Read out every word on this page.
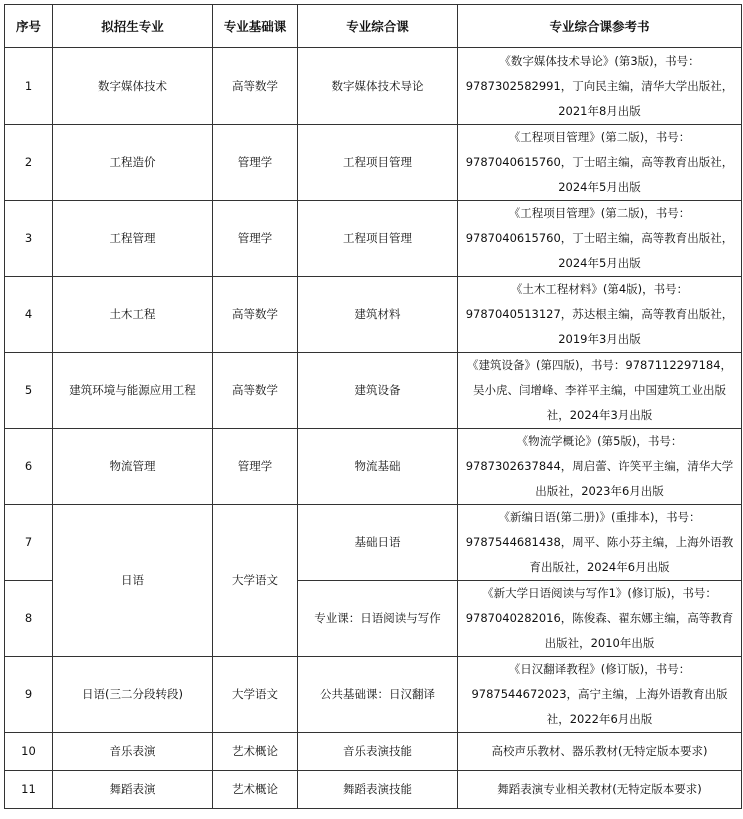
序号	拟招生专业	专业基础课	专业综合课	专业综合课参考书
1	数字媒体技术	高等数学	数字媒体技术导论	《数字媒体技术导论》(第3版)，书号：9787302582991，丁向民主编，清华大学出版社，2021年8月出版
2	工程造价	管理学	工程项目管理	《工程项目管理》(第二版)，书号：9787040615760，丁士昭主编，高等教育出版社，2024年5月出版
3	工程管理	管理学	工程项目管理	《工程项目管理》(第二版)，书号：9787040615760，丁士昭主编，高等教育出版社，2024年5月出版
4	土木工程	高等数学	建筑材料	《土木工程材料》(第4版)，书号：9787040513127，苏达根主编，高等教育出版社，2019年3月出版
5	建筑环境与能源应用工程	高等数学	建筑设备	《建筑设备》(第四版)，书号：9787112297184，吴小虎、闫增峰、李祥平主编，中国建筑工业出版社，2024年3月出版
6	物流管理	管理学	物流基础	《物流学概论》(第5版)，书号：9787302637844，周启蕾、许笑平主编，清华大学出版社，2023年6月出版
7	日语	大学语文	基础日语	《新编日语(第二册)》(重排本)，书号：9787544681438，周平、陈小芬主编，上海外语教育出版社，2024年6月出版
8			专业课：日语阅读与写作	《新大学日语阅读与写作1》(修订版)，书号：9787040282016，陈俊森、翟东娜主编，高等教育出版社，2010年出版
9	日语(三二分段转段)	大学语文	公共基础课：日汉翻译	《日汉翻译教程》(修订版)，书号：9787544672023，高宁主编，上海外语教育出版社，2022年6月出版
10	音乐表演	艺术概论	音乐表演技能	高校声乐教材、器乐教材(无特定版本要求)
11	舞蹈表演	艺术概论	舞蹈表演技能	舞蹈表演专业相关教材(无特定版本要求)
